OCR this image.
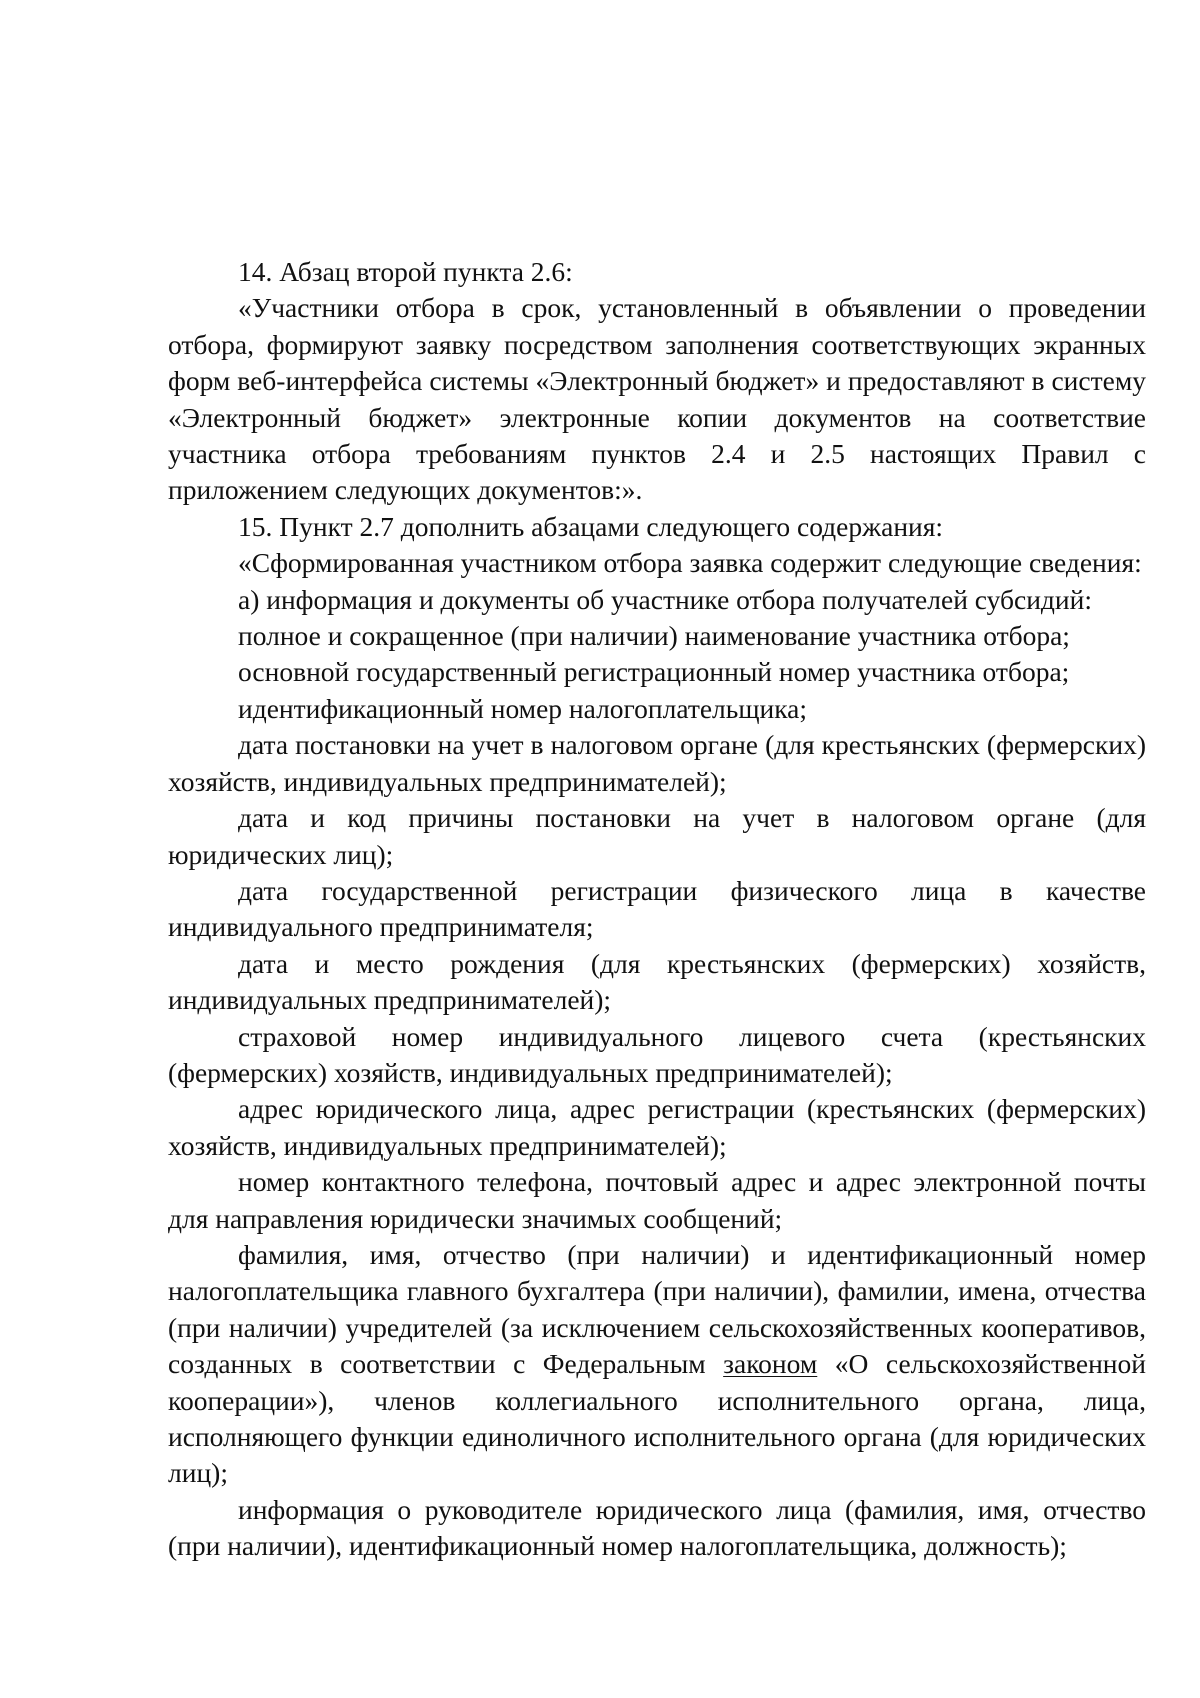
14. Абзац второй пункта 2.6:

«Участники отбора в срок, установленный в объявлении о проведении отбора, формируют заявку посредством заполнения соответствующих экранных форм веб-интерфейса системы «Электронный бюджет» и предоставляют в систему «Электронный бюджет» электронные копии документов на соответствие участника отбора требованиям пунктов 2.4 и 2.5 настоящих Правил с приложением следующих документов:».

15. Пункт 2.7 дополнить абзацами следующего содержания:

«Сформированная участником отбора заявка содержит следующие сведения:

а) информация и документы об участнике отбора получателей субсидий:

полное и сокращенное (при наличии) наименование участника отбора;

основной государственный регистрационный номер участника отбора;

идентификационный номер налогоплательщика;

дата постановки на учет в налоговом органе (для крестьянских (фермерских) хозяйств, индивидуальных предпринимателей);

дата и код причины постановки на учет в налоговом органе (для юридических лиц);

дата государственной регистрации физического лица в качестве индивидуального предпринимателя;

дата и место рождения (для крестьянских (фермерских) хозяйств, индивидуальных предпринимателей);

страховой номер индивидуального лицевого счета (крестьянских (фермерских) хозяйств, индивидуальных предпринимателей);

адрес юридического лица, адрес регистрации (крестьянских (фермерских) хозяйств, индивидуальных предпринимателей);

номер контактного телефона, почтовый адрес и адрес электронной почты для направления юридически значимых сообщений;

фамилия, имя, отчество (при наличии) и идентификационный номер налогоплательщика главного бухгалтера (при наличии), фамилии, имена, отчества (при наличии) учредителей (за исключением сельскохозяйственных кооперативов, созданных в соответствии с Федеральным законом «О сельскохозяйственной кооперации»), членов коллегиального исполнительного органа, лица, исполняющего функции единоличного исполнительного органа (для юридических лиц);

информация о руководителе юридического лица (фамилия, имя, отчество (при наличии), идентификационный номер налогоплательщика, должность);
